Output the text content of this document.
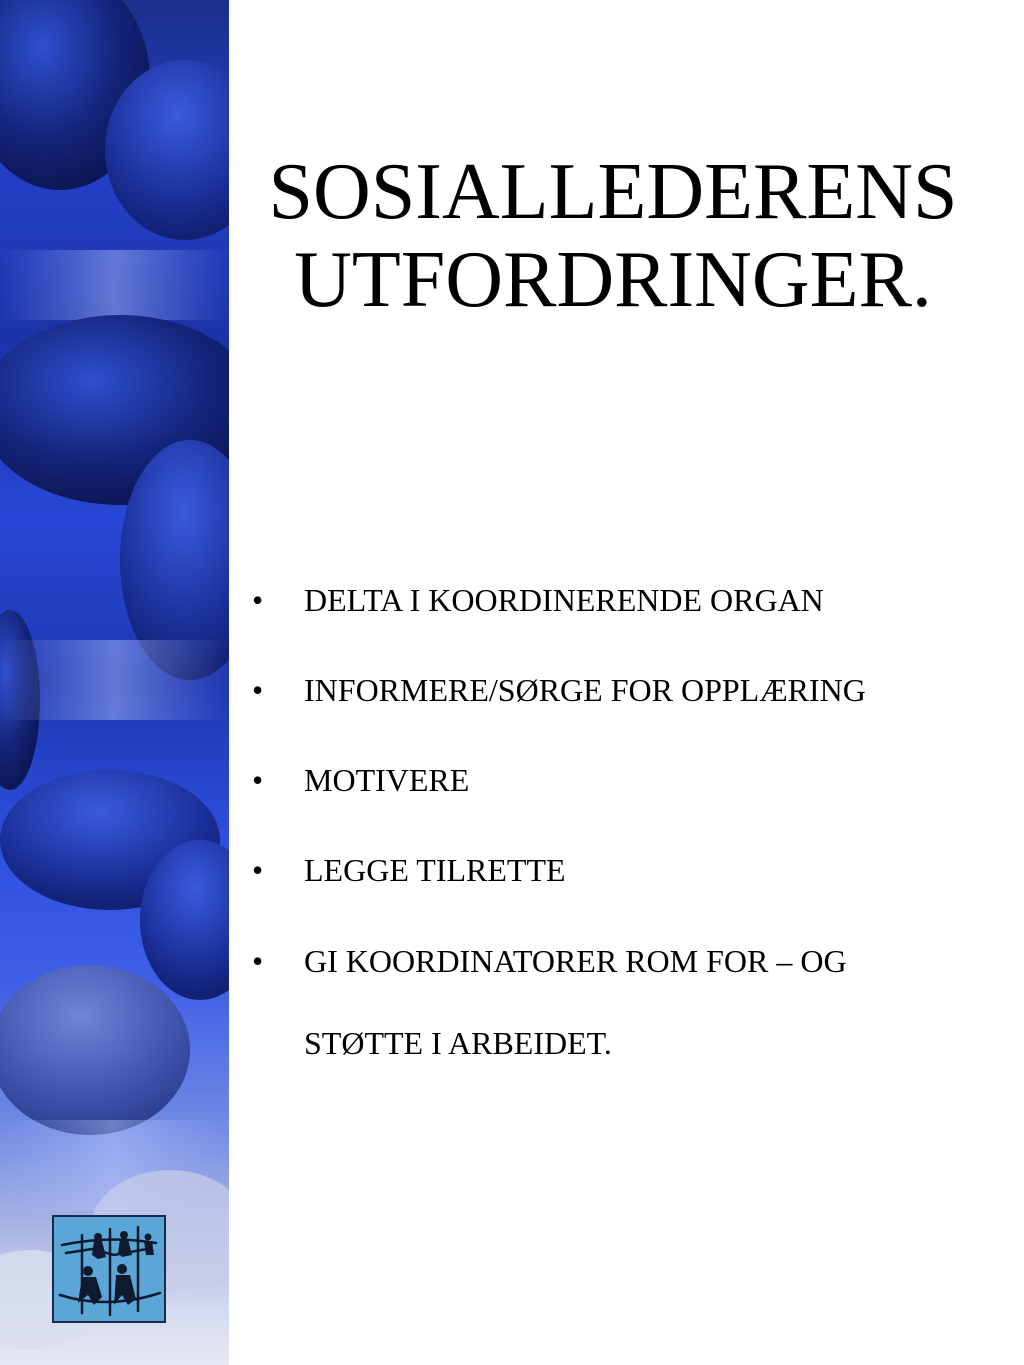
SOSIALLEDERENS
UTFORDRINGER.
• DELTA I KOORDINERENDE ORGAN
• INFORMERE/SØRGE FOR OPPLÆRING
• MOTIVERE
• LEGGE TILRETTE
• GI KOORDINATORER ROM FOR – OG STØTTE I ARBEIDET.
